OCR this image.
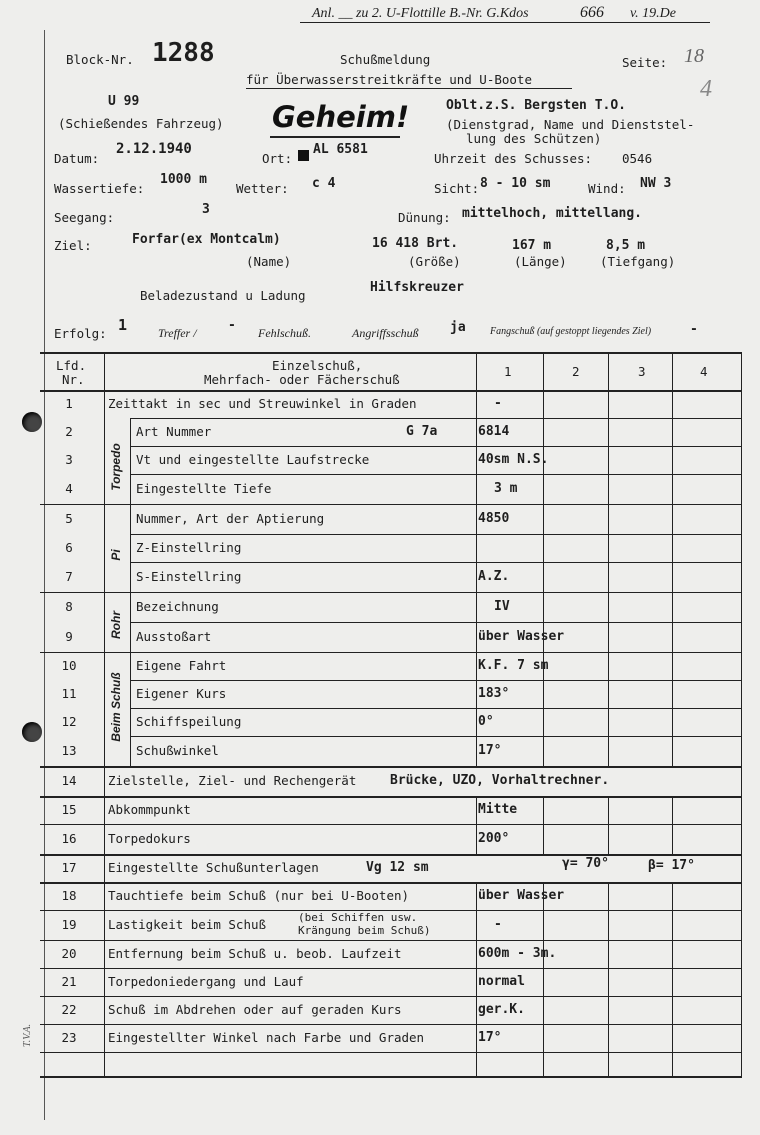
Anl. __ zu 2. U-Flottille B.-Nr. G.Kdos	666 v. 19.De
Block-Nr. 1288	Schußmeldung
für Überwasserstreitkräfte und U-Boote
Seite: 18
4
U 99
(Schießendes Fahrzeug) Geheim!	Oblt.z.S. Bergsten T.O.
(Dienstgrad, Name und Dienststel-
lung des Schützen)
Datum:
2.12.1940
Ort:
AL 6581
Uhrzeit des Schusses: 0546
Wassertiefe:
1000 m
Wetter: c 4	Sicht: 8 - 10 sm	Wind: NW 3
Seegang:
3
Dünung: mittelhoch, mittellang.
Ziel:	Forfar(ex Montcalm)	16 418 Brt.	167 m	8,5 m
(Name)	(Größe)	(Länge)	(Tiefgang)
Beladezustand u Ladung
Hilfskreuzer
Erfolg: 1	Treffer / - Fehlschuß.	Angriffsschuß ja Fangschuß (auf gestoppt liegendes Ziel)	-
T.V.A.
Lfd.
Nr.
Einzelschuß,
Mehrfach- oder Fächerschuß
1	2	3	4
Torpedo
Pi
Rohr
Beim Schuß
1	Zeittakt in sec und Streuwinkel in Graden	-
2	Art Nummer	G 7a	6814
3	Vt und eingestellte Laufstrecke	40sm N.S.
4	Eingestellte Tiefe	3 m
5	Nummer, Art der Aptierung	4850
6	Z-Einstellring
7	S-Einstellring	A.Z.
8	Bezeichnung	IV
9	Ausstoßart	über Wasser
10	Eigene Fahrt	K.F. 7 sm
11	Eigener Kurs	183°
12	Schiffspeilung	0°
13	Schußwinkel	17°
14	Zielstelle, Ziel- und Rechengerät	Brücke, UZO, Vorhaltrechner.
15	Abkommpunkt	Mitte
16	Torpedokurs	200°
17	Eingestellte Schußunterlagen	Vg 12 sm	γ= 70°	β= 17°
18	Tauchtiefe beim Schuß (nur bei U-Booten)	über Wasser
19	Lastigkeit beim Schuß	(bei Schiffen usw.
Krängung beim Schuß)	-
20	Entfernung beim Schuß u. beob. Laufzeit	600m - 3m.
21	Torpedoniedergang und Lauf	normal
22	Schuß im Abdrehen oder auf geraden Kurs	ger.K.
23	Eingestellter Winkel nach Farbe und Graden	17°
